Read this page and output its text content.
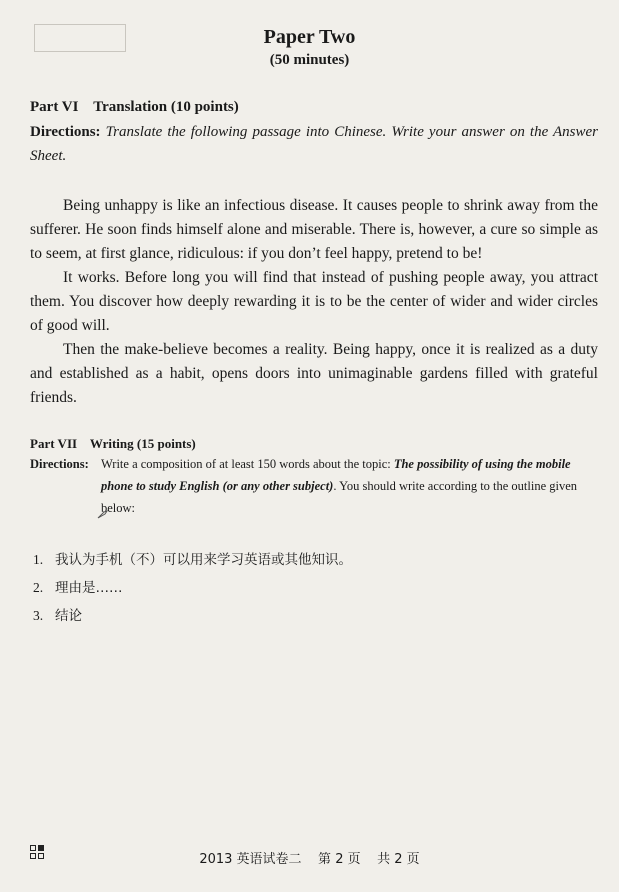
Paper Two
(50 minutes)
Part VI    Translation (10 points)
Directions: Translate the following passage into Chinese. Write your answer on the Answer Sheet.
Being unhappy is like an infectious disease. It causes people to shrink away from the sufferer. He soon finds himself alone and miserable. There is, however, a cure so simple as to seem, at first glance, ridiculous: if you don’t feel happy, pretend to be!
It works. Before long you will find that instead of pushing people away, you attract them. You discover how deeply rewarding it is to be the center of wider and wider circles of good will.
Then the make-believe becomes a reality. Being happy, once it is realized as a duty and established as a habit, opens doors into unimaginable gardens filled with grateful friends.
Part VII    Writing (15 points)
Directions: Write a composition of at least 150 words about the topic: The possibility of using the mobile phone to study English (or any other subject). You should write according to the outline given below:
1. 我认为手机（不）可以用来学习英语或其他知识。
2. 理由是……
3. 结论
2013 英语试卷二    第 2 页    共 2 页
